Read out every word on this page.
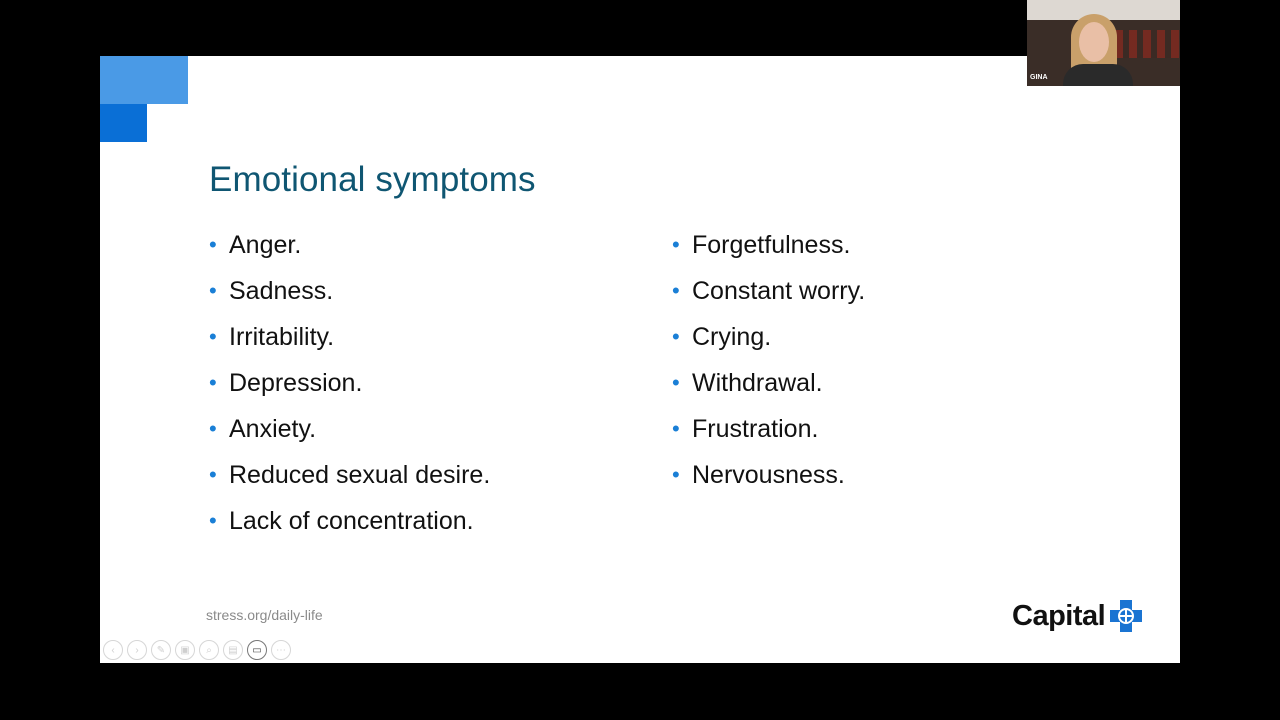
Emotional symptoms
• Anger.
• Sadness.
• Irritability.
• Depression.
• Anxiety.
• Reduced sexual desire.
• Lack of concentration.
• Forgetfulness.
• Constant worry.
• Crying.
• Withdrawal.
• Frustration.
• Nervousness.
stress.org/daily-life	Capital
‹	›	✎	▣	⌕	▤	▭	⋯
GINA
